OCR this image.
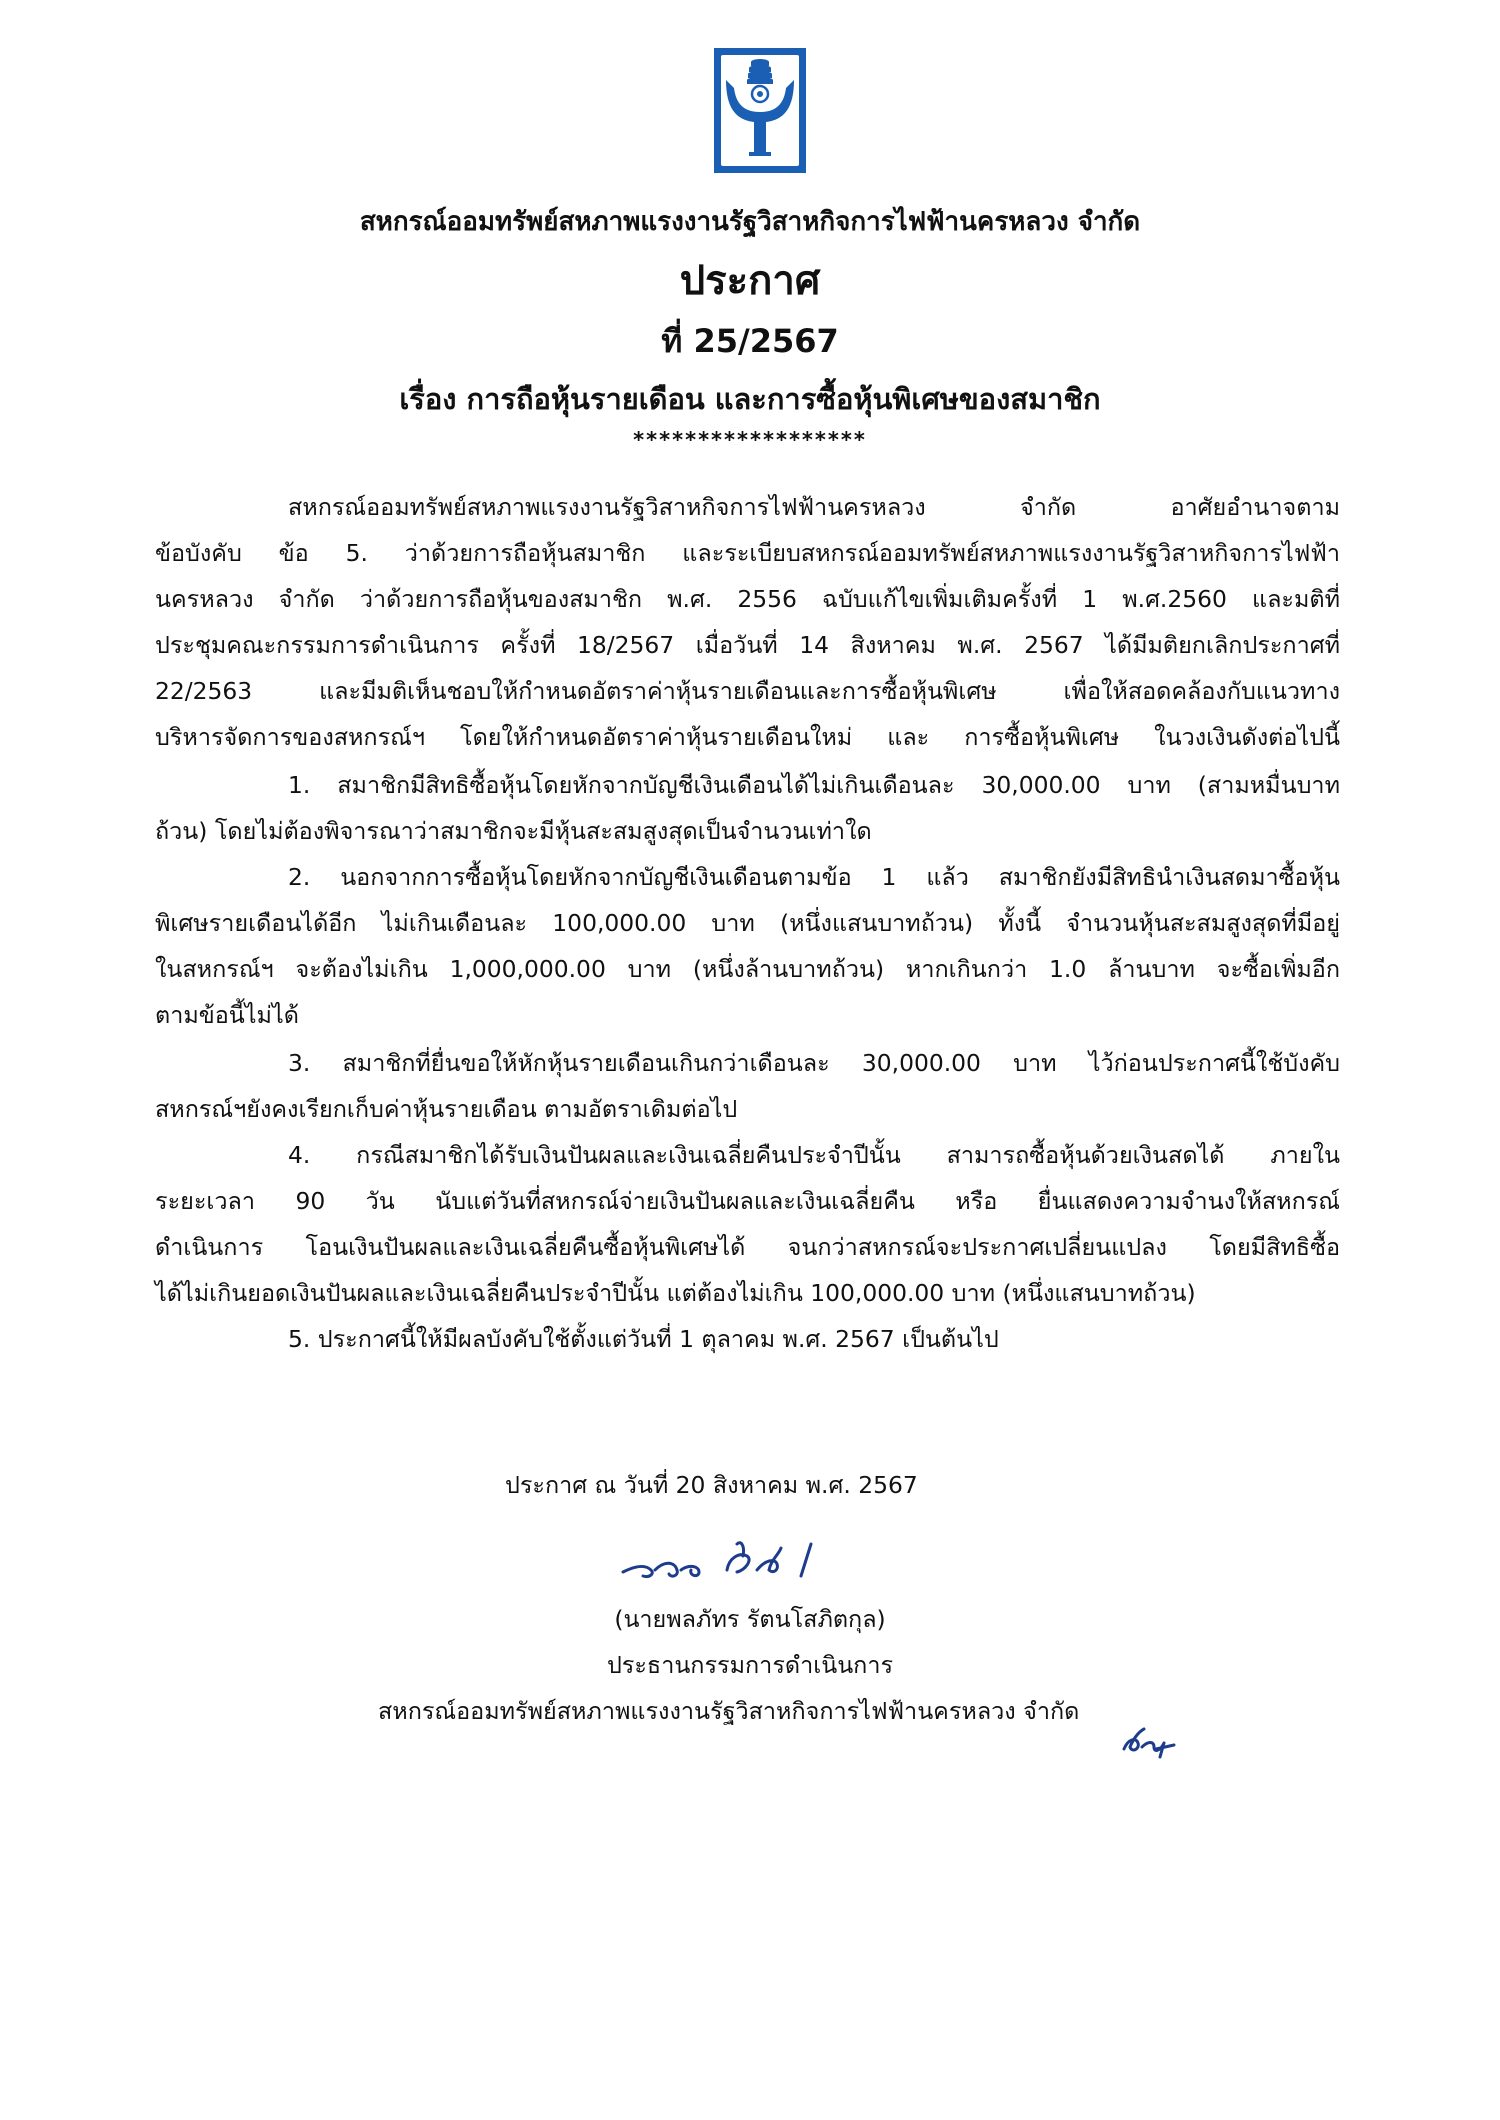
สหกรณ์ออมทรัพย์สหภาพแรงงานรัฐวิสาหกิจการไฟฟ้านครหลวง จำกัด
ประกาศ
ที่ 25/2567
เรื่อง การถือหุ้นรายเดือน และการซื้อหุ้นพิเศษของสมาชิก
******************
สหกรณ์ออมทรัพย์สหภาพแรงงานรัฐวิสาหกิจการไฟฟ้านครหลวง จำกัด อาศัยอำนาจตาม
ข้อบังคับ ข้อ 5. ว่าด้วยการถือหุ้นสมาชิก และระเบียบสหกรณ์ออมทรัพย์สหภาพแรงงานรัฐวิสาหกิจการไฟฟ้า
นครหลวง จำกัด ว่าด้วยการถือหุ้นของสมาชิก พ.ศ. 2556 ฉบับแก้ไขเพิ่มเติมครั้งที่ 1 พ.ศ.2560 และมติที่
ประชุมคณะกรรมการดำเนินการ ครั้งที่ 18/2567 เมื่อวันที่ 14 สิงหาคม พ.ศ. 2567 ได้มีมติยกเลิกประกาศที่
22/2563 และมีมติเห็นชอบให้กำหนดอัตราค่าหุ้นรายเดือนและการซื้อหุ้นพิเศษ เพื่อให้สอดคล้องกับแนวทาง
บริหารจัดการของสหกรณ์ฯ โดยให้กำหนดอัตราค่าหุ้นรายเดือนใหม่ และ การซื้อหุ้นพิเศษ ในวงเงินดังต่อไปนี้
1. สมาชิกมีสิทธิซื้อหุ้นโดยหักจากบัญชีเงินเดือนได้ไม่เกินเดือนละ 30,000.00 บาท (สามหมื่นบาท
ถ้วน) โดยไม่ต้องพิจารณาว่าสมาชิกจะมีหุ้นสะสมสูงสุดเป็นจำนวนเท่าใด
2. นอกจากการซื้อหุ้นโดยหักจากบัญชีเงินเดือนตามข้อ 1 แล้ว สมาชิกยังมีสิทธินำเงินสดมาซื้อหุ้น
พิเศษรายเดือนได้อีก ไม่เกินเดือนละ 100,000.00 บาท (หนึ่งแสนบาทถ้วน) ทั้งนี้ จำนวนหุ้นสะสมสูงสุดที่มีอยู่
ในสหกรณ์ฯ จะต้องไม่เกิน 1,000,000.00 บาท (หนึ่งล้านบาทถ้วน) หากเกินกว่า 1.0 ล้านบาท จะซื้อเพิ่มอีก
ตามข้อนี้ไม่ได้
3. สมาชิกที่ยื่นขอให้หักหุ้นรายเดือนเกินกว่าเดือนละ 30,000.00 บาท ไว้ก่อนประกาศนี้ใช้บังคับ
สหกรณ์ฯยังคงเรียกเก็บค่าหุ้นรายเดือน ตามอัตราเดิมต่อไป
4. กรณีสมาชิกได้รับเงินปันผลและเงินเฉลี่ยคืนประจำปีนั้น สามารถซื้อหุ้นด้วยเงินสดได้ ภายใน
ระยะเวลา 90 วัน นับแต่วันที่สหกรณ์จ่ายเงินปันผลและเงินเฉลี่ยคืน หรือ ยื่นแสดงความจำนงให้สหกรณ์
ดำเนินการ โอนเงินปันผลและเงินเฉลี่ยคืนซื้อหุ้นพิเศษได้ จนกว่าสหกรณ์จะประกาศเปลี่ยนแปลง โดยมีสิทธิซื้อ
ได้ไม่เกินยอดเงินปันผลและเงินเฉลี่ยคืนประจำปีนั้น แต่ต้องไม่เกิน 100,000.00 บาท (หนึ่งแสนบาทถ้วน)
5. ประกาศนี้ให้มีผลบังคับใช้ตั้งแต่วันที่ 1 ตุลาคม พ.ศ. 2567 เป็นต้นไป
ประกาศ ณ วันที่ 20 สิงหาคม พ.ศ. 2567
(นายพลภัทร รัตนโสภิตกุล)
ประธานกรรมการดำเนินการ
สหกรณ์ออมทรัพย์สหภาพแรงงานรัฐวิสาหกิจการไฟฟ้านครหลวง จำกัด
